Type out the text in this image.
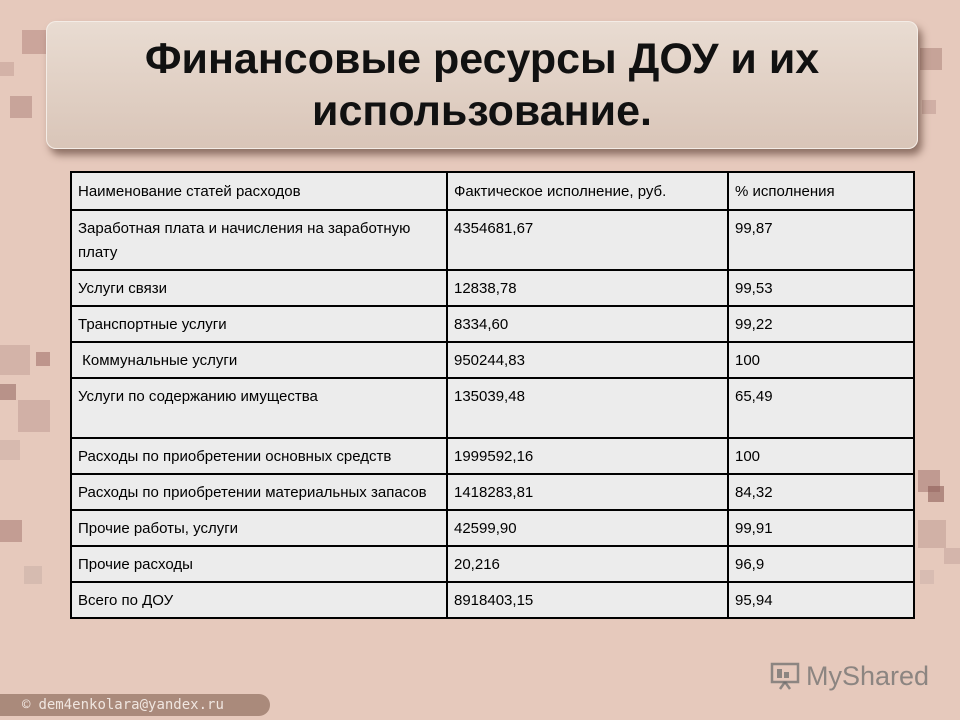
Финансовые ресурсы ДОУ и их использование.
Наименование статей расходов	Фактическое исполнение, руб.	% исполнения
Заработная плата и начисления на заработную плату	4354681,67	99,87
Услуги связи	12838,78	99,53
Транспортные услуги	8334,60	99,22
Коммунальные услуги	950244,83	100
Услуги по содержанию имущества	135039,48	65,49
Расходы по приобретении основных средств	1999592,16	100
Расходы по приобретении материальных запасов	1418283,81	84,32
Прочие работы, услуги	42599,90	99,91
Прочие расходы	20,216	96,9
Всего по ДОУ	8918403,15	95,94
MyShared
© dem4enkolara@yandex.ru
